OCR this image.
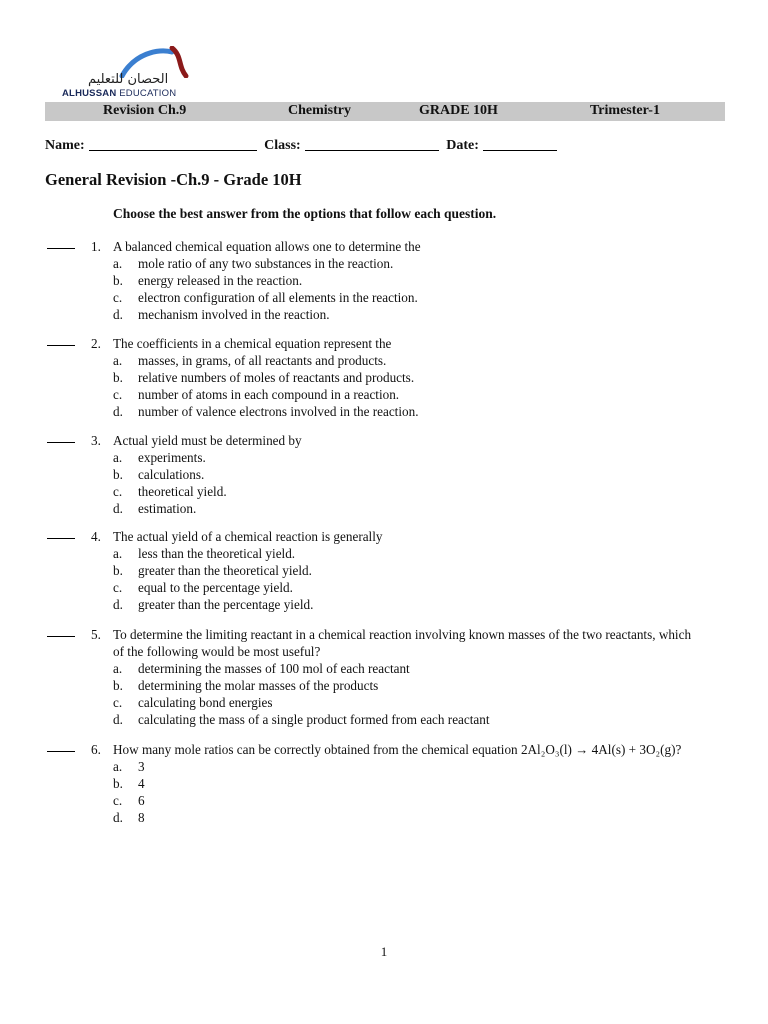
الحصان للتعليم
ALHUSSAN EDUCATION
Revision Ch.9	Chemistry	GRADE 10H	Trimester-1
Name:	Class:	Date:
General Revision -Ch.9 - Grade 10H
Choose the best answer from the options that follow each question.
1. A balanced chemical equation allows one to determine the
a. mole ratio of any two substances in the reaction.
b. energy released in the reaction.
c. electron configuration of all elements in the reaction.
d. mechanism involved in the reaction.
2. The coefficients in a chemical equation represent the
a. masses, in grams, of all reactants and products.
b. relative numbers of moles of reactants and products.
c. number of atoms in each compound in a reaction.
d. number of valence electrons involved in the reaction.
3. Actual yield must be determined by
a. experiments.
b. calculations.
c. theoretical yield.
d. estimation.
4. The actual yield of a chemical reaction is generally
a. less than the theoretical yield.
b. greater than the theoretical yield.
c. equal to the percentage yield.
d. greater than the percentage yield.
5. To determine the limiting reactant in a chemical reaction involving known masses of the two reactants, which
of the following would be most useful?
a. determining the masses of 100 mol of each reactant
b. determining the molar masses of the products
c. calculating bond energies
d. calculating the mass of a single product formed from each reactant
6. How many mole ratios can be correctly obtained from the chemical equation 2Al₂O₃(l) → 4Al(s) + 3O₂(g)?
a. 3
b. 4
c. 6
d. 8
1
